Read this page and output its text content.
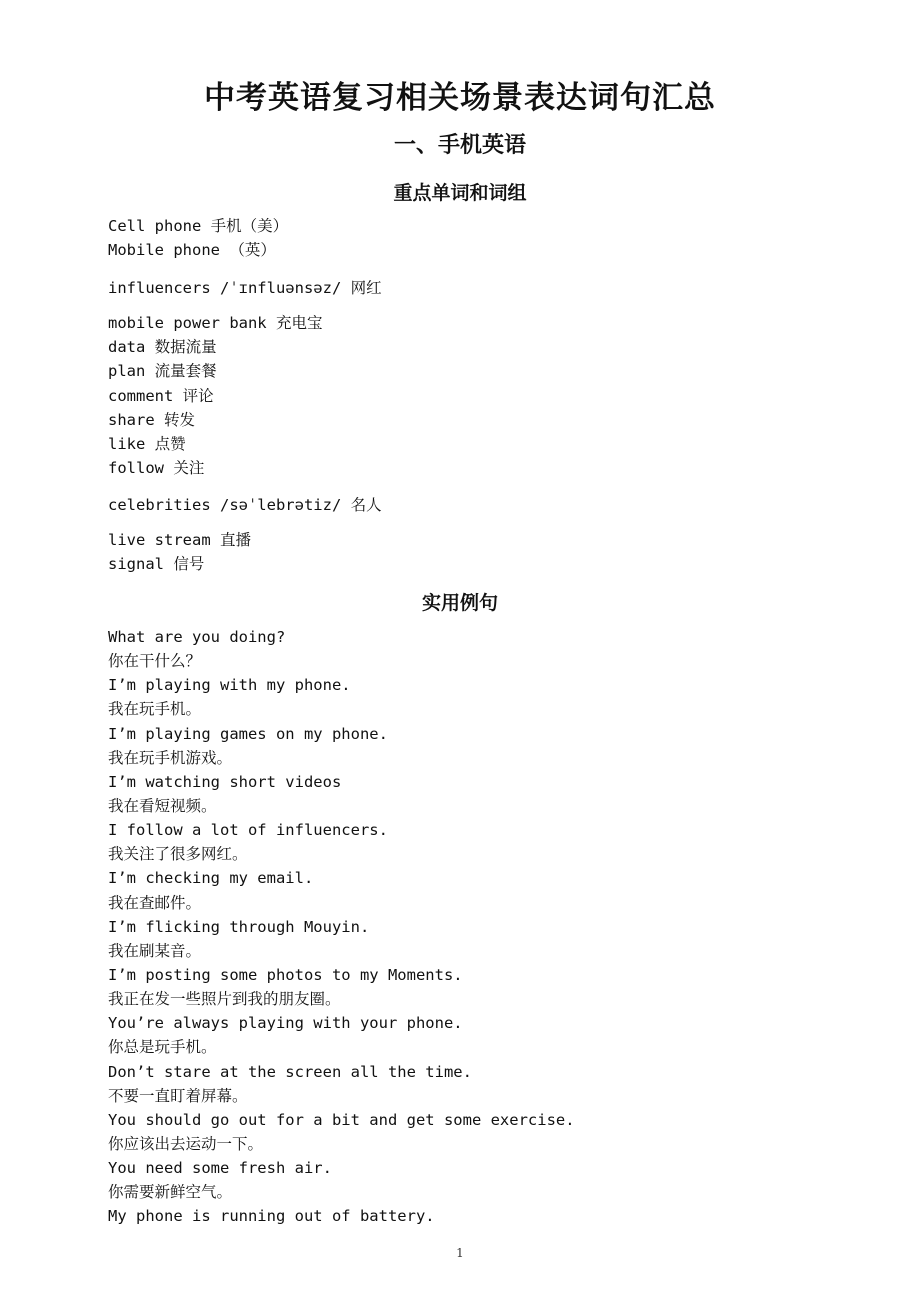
中考英语复习相关场景表达词句汇总
一、手机英语
重点单词和词组
Cell phone 手机（美）
Mobile phone （英）
influencers /ˈɪnfluənsəz/ 网红
mobile power bank 充电宝
data 数据流量
plan 流量套餐
comment 评论
share 转发
like 点赞
follow 关注
celebrities /səˈlebrətiz/ 名人
live stream 直播
signal 信号
实用例句
What are you doing?
你在干什么？
I’m playing with my phone.
我在玩手机。
I’m playing games on my phone.
我在玩手机游戏。
I’m watching short videos
我在看短视频。
I follow a lot of influencers.
我关注了很多网红。
I’m checking my email.
我在查邮件。
I’m flicking through Mouyin.
我在刷某音。
I’m posting some photos to my Moments.
我正在发一些照片到我的朋友圈。
You’re always playing with your phone.
你总是玩手机。
Don’t stare at the screen all the time.
不要一直盯着屏幕。
You should go out for a bit and get some exercise.
你应该出去运动一下。
You need some fresh air.
你需要新鲜空气。
My phone is running out of battery.
1
